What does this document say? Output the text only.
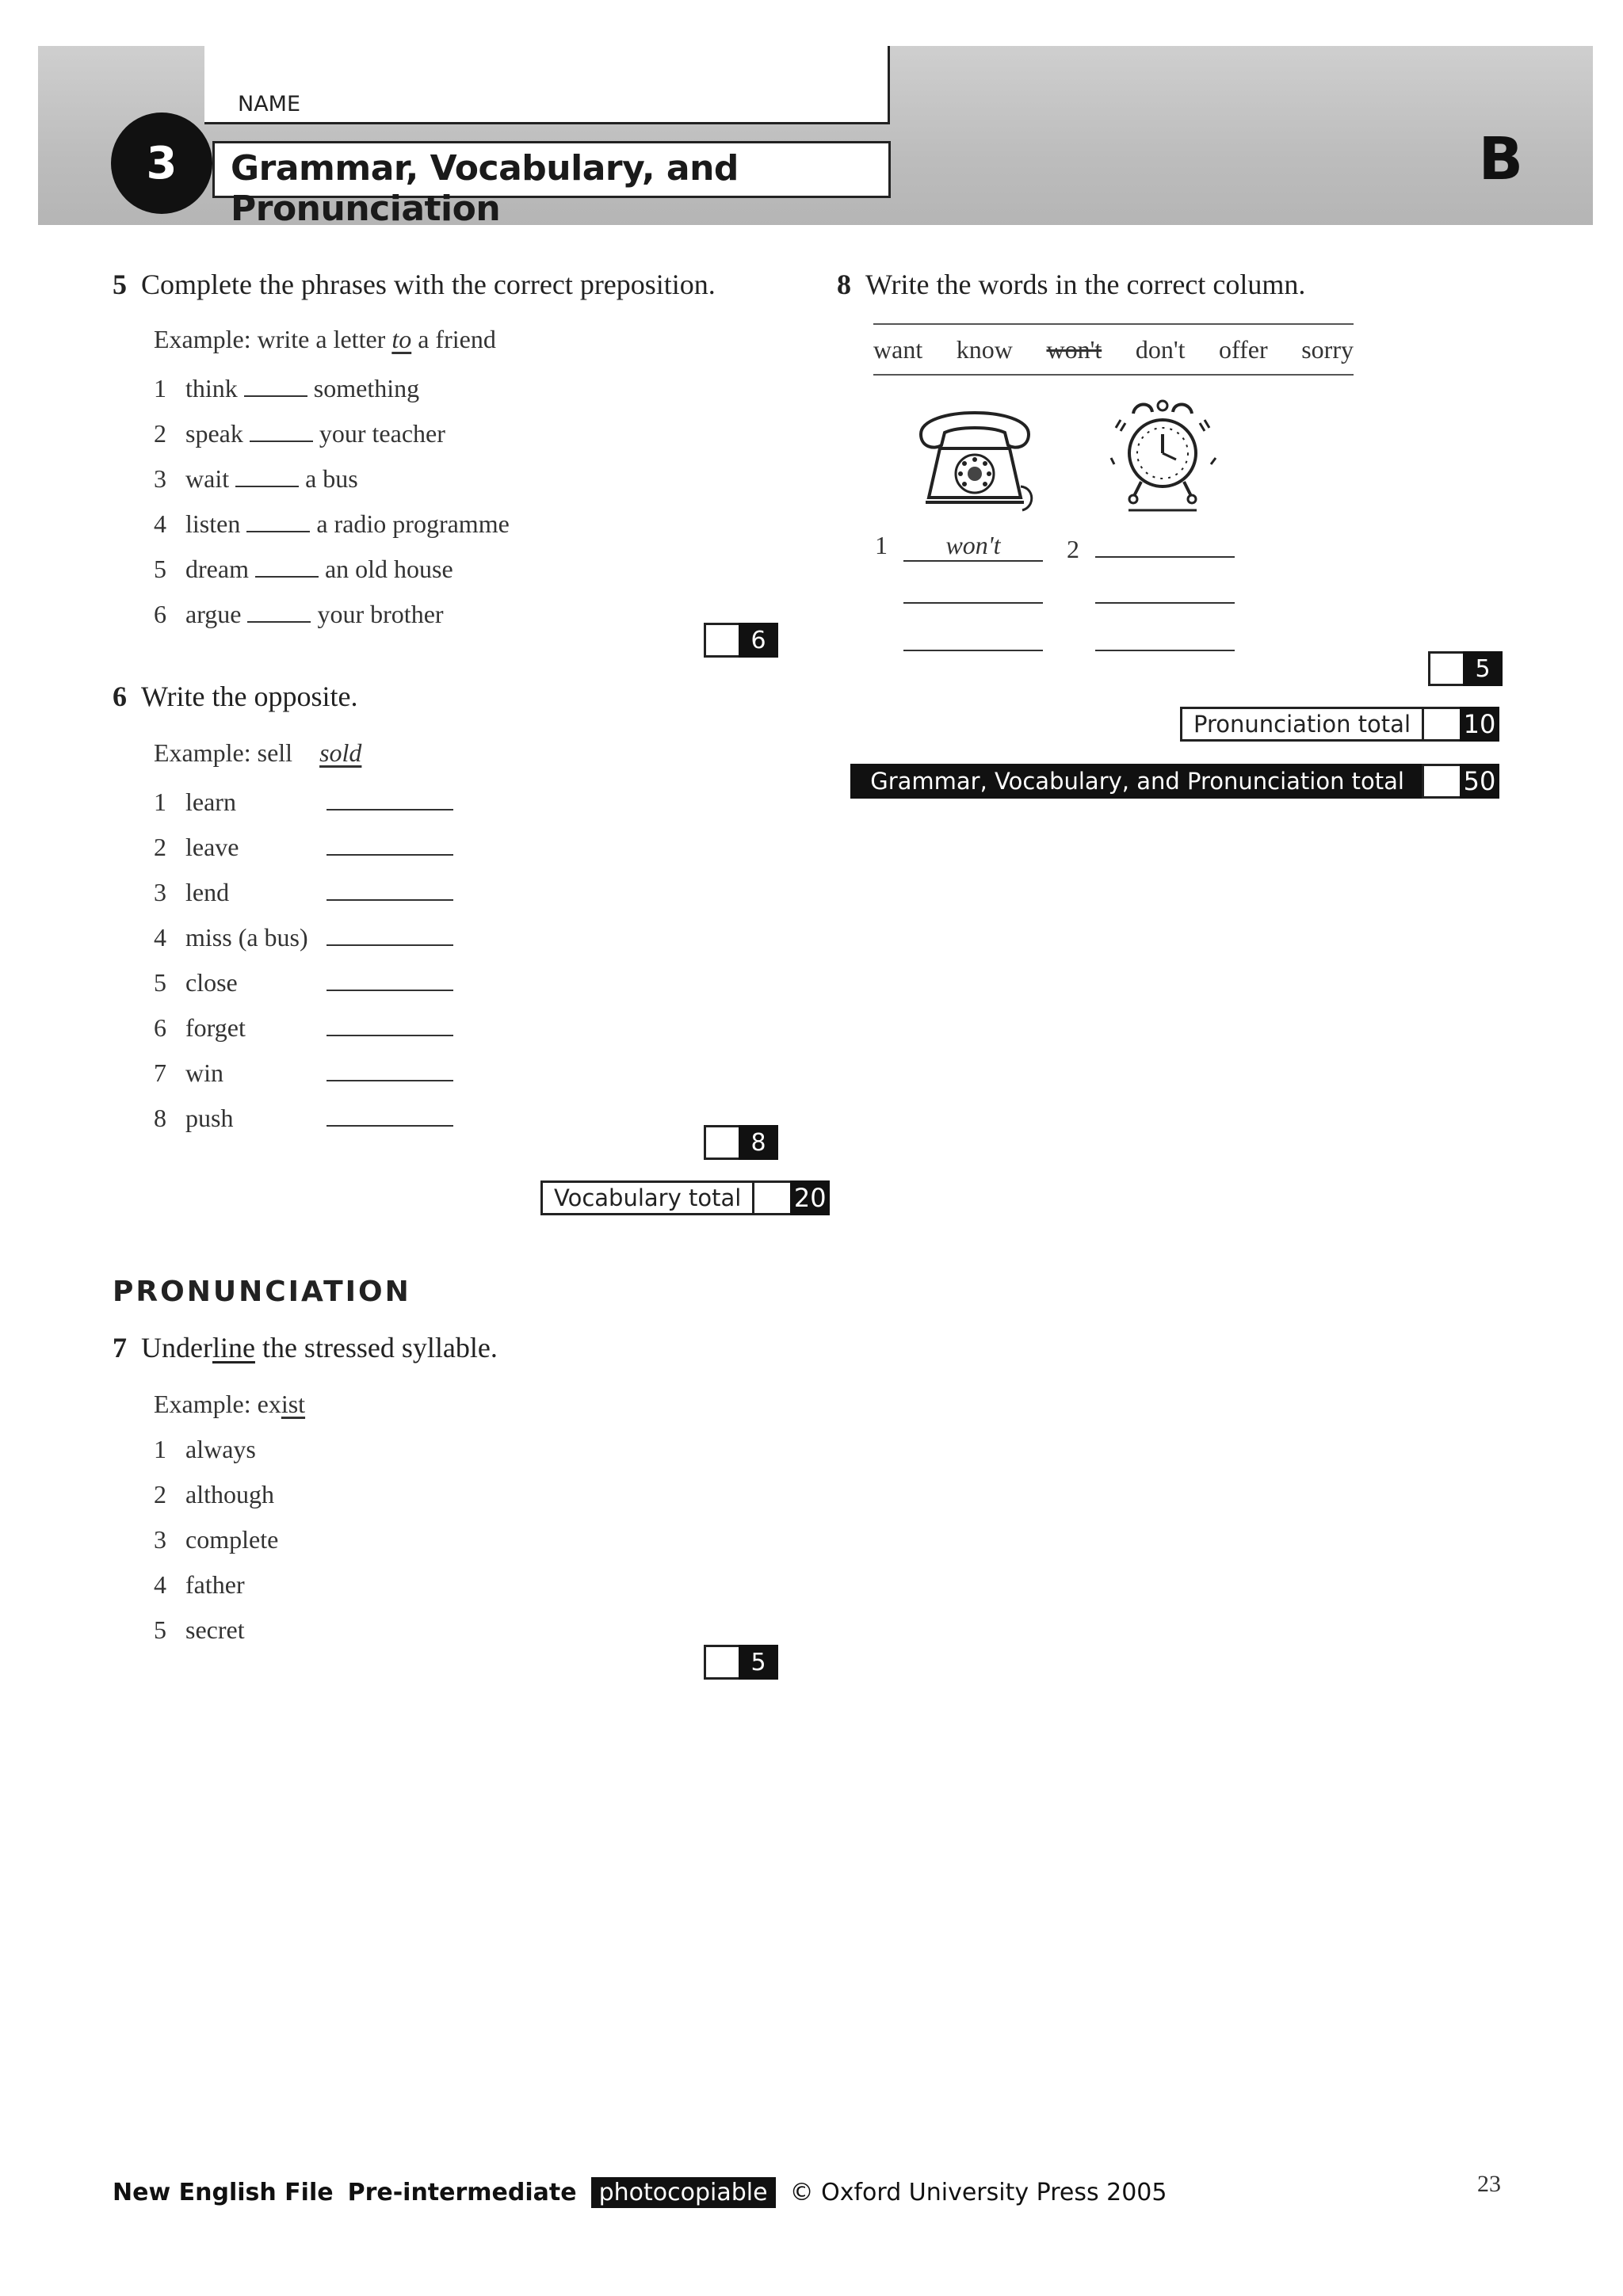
NAME
Grammar, Vocabulary, and Pronunciation
3	B
5 Complete the phrases with the correct preposition.
Example: write a letter to a friend
1 think	something
2 speak	your teacher
3 wait	a bus
4 listen	a radio programme
5 dream	an old house
6 argue	your brother
6
6 Write the opposite.
Example: sell sold
1 learn
2 leave
3 lend
4 miss (a bus)
5 close
6 forget
7 win
8 push
8
Vocabulary total	20
PRONUNCIATION
7 Underline the stressed syllable.
Example: exist
1 always
2 although
3 complete
4 father
5 secret
5
8 Write the words in the correct column.
want know won't don't offer sorry
1 won't	2
5
Pronunciation total	10
Grammar, Vocabulary, and Pronunciation total	50
New English File Pre-intermediate photocopiable © Oxford University Press 2005	23
